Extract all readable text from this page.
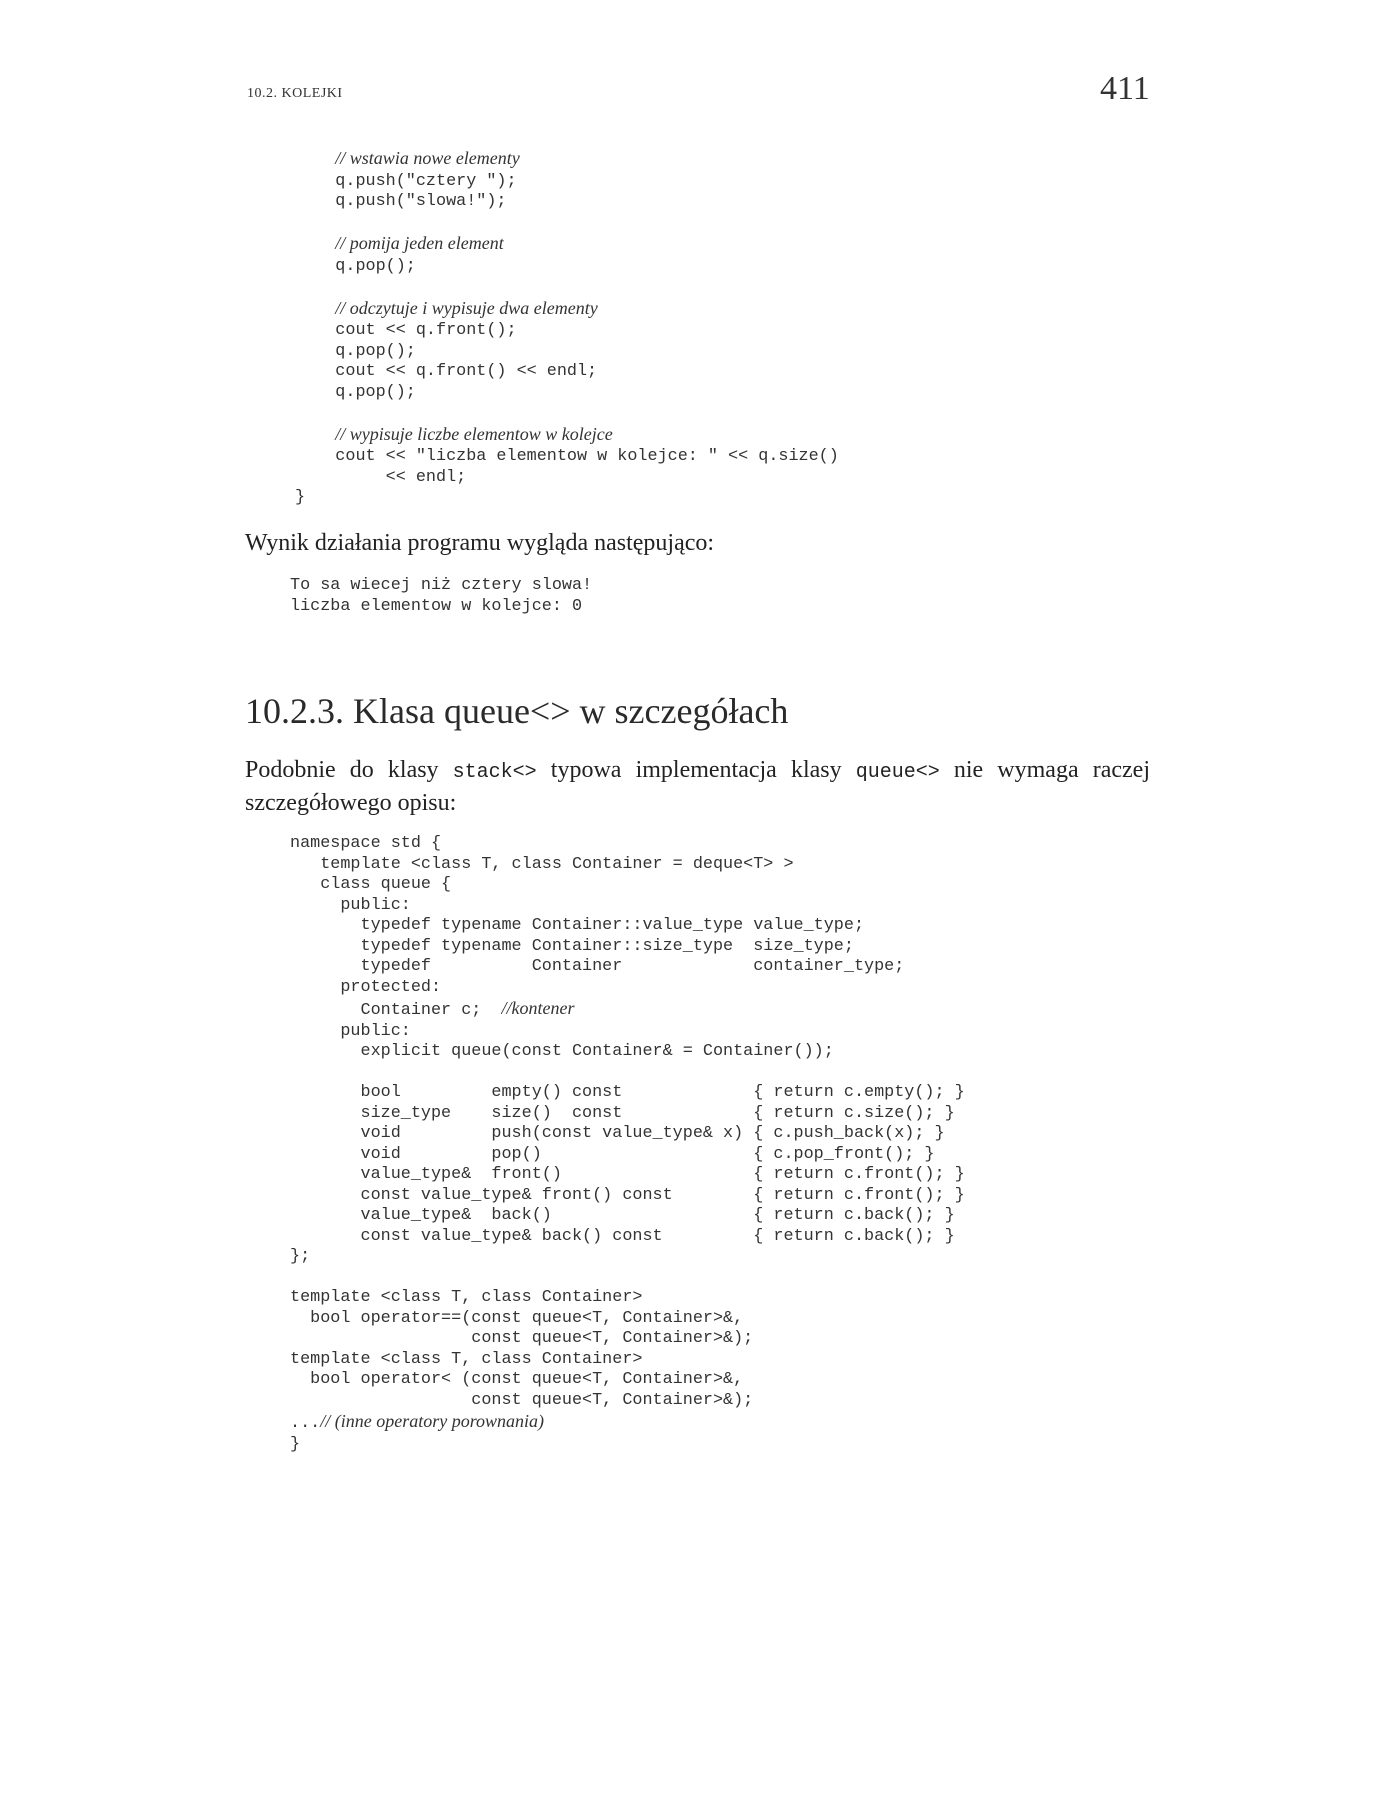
10.2. KOLEJKI	411
// wstawia nowe elementy
q.push("cztery ");
q.push("slowa!");

// pomija jeden element
q.pop();

// odczytuje i wypisuje dwa elementy
cout << q.front();
q.pop();
cout << q.front() << endl;
q.pop();

// wypisuje liczbe elementow w kolejce
cout << "liczba elementow w kolejce: " << q.size()
<< endl;
}
Wynik działania programu wygląda następująco:
To sa wiecej niż cztery slowa!
liczba elementow w kolejce: 0
10.2.3. Klasa queue<> w szczegółach
Podobnie do klasy stack<> typowa implementacja klasy queue<> nie wymaga raczej szczegółowego opisu:
namespace std {
template <class T, class Container = deque<T> >
class queue {
public:
typedef typename Container::value_type value_type;
typedef typename Container::size_type  size_type;
typedef          Container             container_type;
protected:
Container c;  //kontener
public:
explicit queue(const Container& = Container());

bool         empty() const             { return c.empty(); }
size_type    size()  const             { return c.size(); }
void         push(const value_type& x) { c.push_back(x); }
void         pop()                     { c.pop_front(); }
value_type&  front()                   { return c.front(); }
const value_type& front() const        { return c.front(); }
value_type&  back()                    { return c.back(); }
const value_type& back() const         { return c.back(); }
};

template <class T, class Container>
bool operator==(const queue<T, Container>&,
const queue<T, Container>&);
template <class T, class Container>
bool operator< (const queue<T, Container>&,
const queue<T, Container>&);
...// (inne operatory porownania)
}
